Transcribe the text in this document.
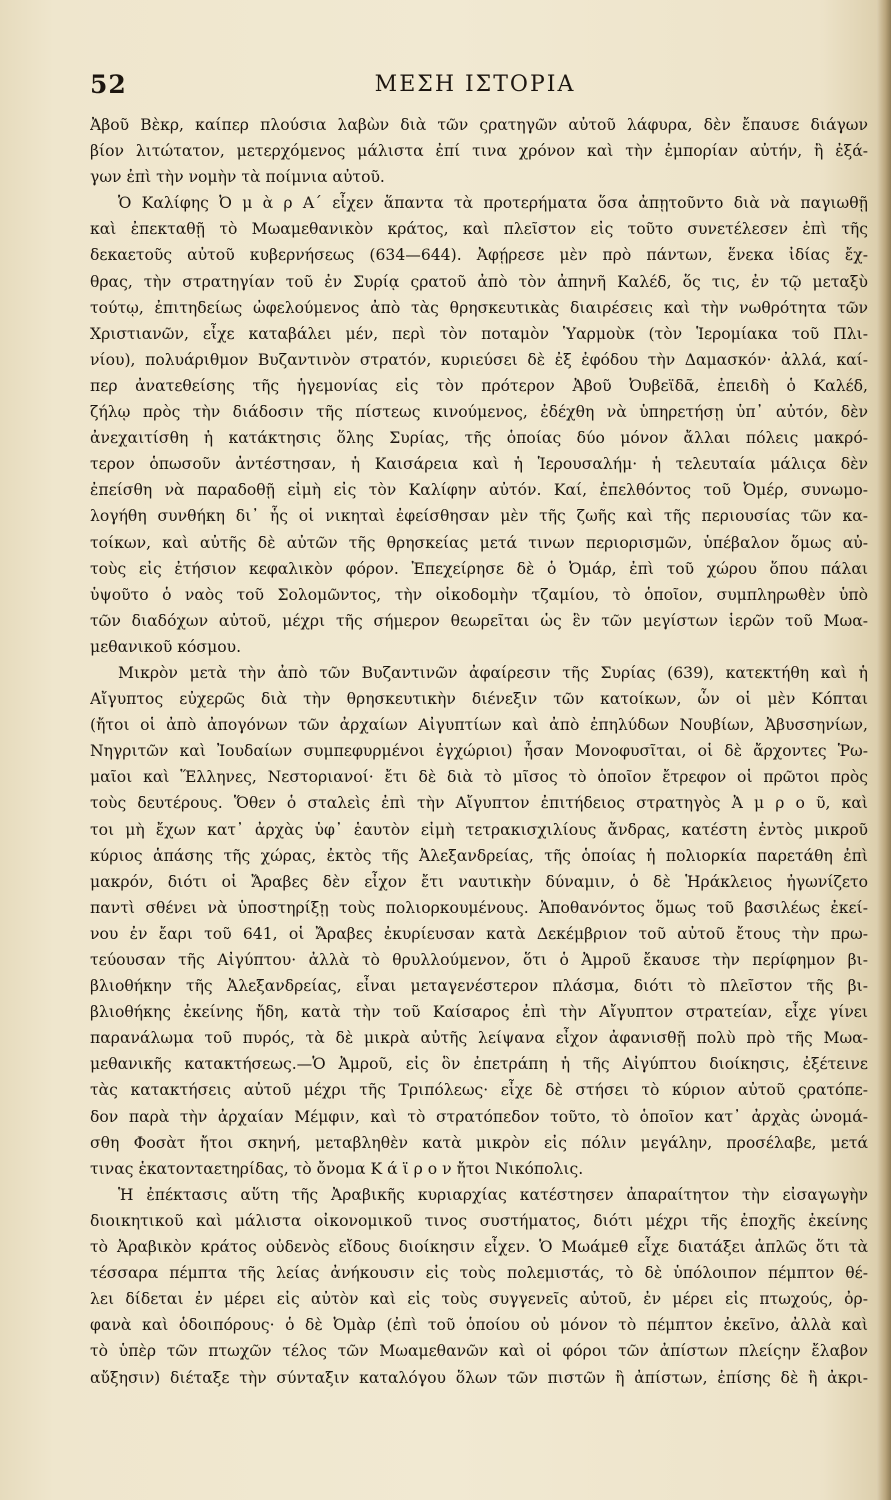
52	ΜΕΣΗ ΙΣΤΟΡΙΑ
Ἀβοῦ Βὲκρ, καίπερ πλούσια λαβὼν διὰ τῶν ςρατηγῶν αὐτοῦ λάφυρα, δὲν ἔπαυσε διάγων
βίον λιτώτατον, μετερχόμενος μάλιστα ἐπί τινα χρόνον καὶ τὴν ἐμπορίαν αὐτήν, ἢ ἐξά-
γων ἐπὶ τὴν νομὴν τὰ ποίμνια αὐτοῦ.
Ὁ Καλίφης Ὀ μ ὰ ρ Α΄ εἶχεν ἅπαντα τὰ προτερήματα ὅσα ἀπῃτοῦντο διὰ νὰ παγιωθῇ
καὶ ἐπεκταθῇ τὸ Μωαμεθανικὸν κράτος, καὶ πλεῖστον εἰς τοῦτο συνετέλεσεν ἐπὶ τῆς
δεκαετοῦς αὐτοῦ κυβερνήσεως (634—644). Ἀφῄρεσε μὲν πρὸ πάντων, ἕνεκα ἰδίας ἔχ-
θρας, τὴν στρατηγίαν τοῦ ἐν Συρίᾳ ςρατοῦ ἀπὸ τὸν ἀπηνῆ Καλέδ, ὅς τις, ἐν τῷ μεταξὺ
τούτῳ, ἐπιτηδείως ὠφελούμενος ἀπὸ τὰς θρησκευτικὰς διαιρέσεις καὶ τὴν νωθρότητα τῶν
Χριστιανῶν, εἶχε καταβάλει μέν, περὶ τὸν ποταμὸν Ὑαρμοὺκ (τὸν Ἱερομίακα τοῦ Πλι-
νίου), πολυάριθμον Βυζαντινὸν στρατόν, κυριεύσει δὲ ἐξ ἐφόδου τὴν Δαμασκόν· ἀλλά, καί-
περ ἀνατεθείσης τῆς ἡγεμονίας εἰς τὸν πρότερον Ἀβοῦ Ὀυβεϊδᾶ, ἐπειδὴ ὁ Καλέδ,
ζήλῳ πρὸς τὴν διάδοσιν τῆς πίστεως κινούμενος, ἐδέχθη νὰ ὑπηρετήσῃ ὑπ᾿ αὐτόν, δὲν
ἀνεχαιτίσθη ἡ κατάκτησις ὅλης Συρίας, τῆς ὁποίας δύο μόνον ἄλλαι πόλεις μακρό-
τερον ὁπωσοῦν ἀντέστησαν, ἡ Καισάρεια καὶ ἡ Ἱερουσαλήμ· ἡ τελευταία μάλιςα δὲν
ἐπείσθη νὰ παραδοθῇ εἰμὴ εἰς τὸν Καλίφην αὐτόν. Καί, ἐπελθόντος τοῦ Ὀμέρ, συνωμο-
λογήθη συνθήκη δι᾿ ἧς οἱ νικηταὶ ἐφείσθησαν μὲν τῆς ζωῆς καὶ τῆς περιουσίας τῶν κα-
τοίκων, καὶ αὐτῆς δὲ αὐτῶν τῆς θρησκείας μετά τινων περιορισμῶν, ὑπέβαλον ὅμως αὐ-
τοὺς εἰς ἐτήσιον κεφαλικὸν φόρον. Ἐπεχείρησε δὲ ὁ Ὀμάρ, ἐπὶ τοῦ χώρου ὅπου πάλαι
ὑψοῦτο ὁ ναὸς τοῦ Σολομῶντος, τὴν οἰκοδομὴν τζαμίου, τὸ ὁποῖον, συμπληρωθὲν ὑπὸ
τῶν διαδόχων αὐτοῦ, μέχρι τῆς σήμερον θεωρεῖται ὡς ἓν τῶν μεγίστων ἱερῶν τοῦ Μωα-
μεθανικοῦ κόσμου.
Μικρὸν μετὰ τὴν ἀπὸ τῶν Βυζαντινῶν ἀφαίρεσιν τῆς Συρίας (639), κατεκτήθη καὶ ἡ
Αἴγυπτος εὐχερῶς διὰ τὴν θρησκευτικὴν διένεξιν τῶν κατοίκων, ὧν οἱ μὲν Κόπται
(ἤτοι οἱ ἀπὸ ἀπογόνων τῶν ἀρχαίων Αἰγυπτίων καὶ ἀπὸ ἐπηλύδων Νουβίων, Ἀβυσσηνίων,
Νηγριτῶν καὶ Ἰουδαίων συμπεφυρμένοι ἐγχώριοι) ἦσαν Μονοφυσῖται, οἱ δὲ ἄρχοντες Ῥω-
μαῖοι καὶ Ἕλληνες, Νεστοριανοί· ἔτι δὲ διὰ τὸ μῖσος τὸ ὁποῖον ἔτρεφον οἱ πρῶτοι πρὸς
τοὺς δευτέρους. Ὅθεν ὁ σταλεὶς ἐπὶ τὴν Αἴγυπτον ἐπιτήδειος στρατηγὸς Ἀ μ ρ ο ῦ, καὶ
τοι μὴ ἔχων κατ᾿ ἀρχὰς ὑφ᾿ ἑαυτὸν εἰμὴ τετρακισχιλίους ἄνδρας, κατέστη ἐντὸς μικροῦ
κύριος ἁπάσης τῆς χώρας, ἐκτὸς τῆς Ἀλεξανδρείας, τῆς ὁποίας ἡ πολιορκία παρετάθη ἐπὶ
μακρόν, διότι οἱ Ἄραβες δὲν εἶχον ἔτι ναυτικὴν δύναμιν, ὁ δὲ Ἡράκλειος ἠγωνίζετο
παντὶ σθένει νὰ ὑποστηρίξῃ τοὺς πολιορκουμένους. Ἀποθανόντος ὅμως τοῦ βασιλέως ἐκεί-
νου ἐν ἔαρι τοῦ 641, οἱ Ἄραβες ἐκυρίευσαν κατὰ Δεκέμβριον τοῦ αὐτοῦ ἔτους τὴν πρω-
τεύουσαν τῆς Αἰγύπτου· ἀλλὰ τὸ θρυλλούμενον, ὅτι ὁ Ἀμροῦ ἔκαυσε τὴν περίφημον βι-
βλιοθήκην τῆς Ἀλεξανδρείας, εἶναι μεταγενέστερον πλάσμα, διότι τὸ πλεῖστον τῆς βι-
βλιοθήκης ἐκείνης ἤδη, κατὰ τὴν τοῦ Καίσαρος ἐπὶ τὴν Αἴγυπτον στρατείαν, εἶχε γίνει
παρανάλωμα τοῦ πυρός, τὰ δὲ μικρὰ αὐτῆς λείψανα εἶχον ἀφανισθῇ πολὺ πρὸ τῆς Μωα-
μεθανικῆς κατακτήσεως.—Ὁ Ἀμροῦ, εἰς ὃν ἐπετράπη ἡ τῆς Αἰγύπτου διοίκησις, ἐξέτεινε
τὰς κατακτήσεις αὐτοῦ μέχρι τῆς Τριπόλεως· εἶχε δὲ στήσει τὸ κύριον αὐτοῦ ςρατόπε-
δον παρὰ τὴν ἀρχαίαν Μέμφιν, καὶ τὸ στρατόπεδον τοῦτο, τὸ ὁποῖον κατ᾿ ἀρχὰς ὠνομά-
σθη Φοσὰτ ἤτοι σκηνή, μεταβληθὲν κατὰ μικρὸν εἰς πόλιν μεγάλην, προσέλαβε, μετά
τινας ἑκατονταετηρίδας, τὸ ὄνομα Κ ά ϊ ρ ο ν ἤτοι Νικόπολις.
Ἡ ἐπέκτασις αὕτη τῆς Ἀραβικῆς κυριαρχίας κατέστησεν ἀπαραίτητον τὴν εἰσαγωγὴν
διοικητικοῦ καὶ μάλιστα οἰκονομικοῦ τινος συστήματος, διότι μέχρι τῆς ἐποχῆς ἐκείνης
τὸ Ἀραβικὸν κράτος οὐδενὸς εἴδους διοίκησιν εἶχεν. Ὁ Μωάμεθ εἶχε διατάξει ἁπλῶς ὅτι τὰ
τέσσαρα πέμπτα τῆς λείας ἀνήκουσιν εἰς τοὺς πολεμιστάς, τὸ δὲ ὑπόλοιπον πέμπτον θέ-
λει δίδεται ἐν μέρει εἰς αὐτὸν καὶ εἰς τοὺς συγγενεῖς αὐτοῦ, ἐν μέρει εἰς πτωχούς, ὀρ-
φανὰ καὶ ὁδοιπόρους· ὁ δὲ Ὀμὰρ (ἐπὶ τοῦ ὁποίου οὐ μόνον τὸ πέμπτον ἐκεῖνο, ἀλλὰ καὶ
τὸ ὑπὲρ τῶν πτωχῶν τέλος τῶν Μωαμεθανῶν καὶ οἱ φόροι τῶν ἀπίστων πλείςην ἔλαβον
αὔξησιν) διέταξε τὴν σύνταξιν καταλόγου ὅλων τῶν πιστῶν ἢ ἀπίστων, ἐπίσης δὲ ἢ ἀκρι-
